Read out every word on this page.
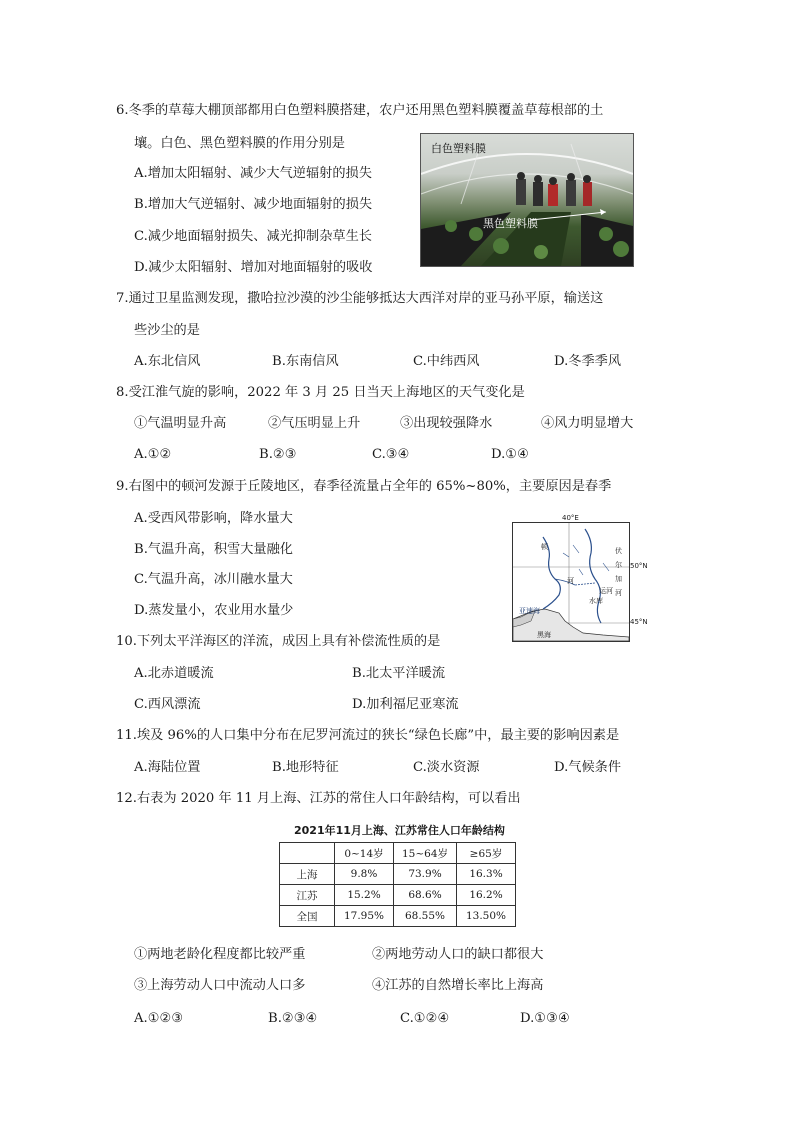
6.冬季的草莓大棚顶部都用白色塑料膜搭建，农户还用黑色塑料膜覆盖草莓根部的土
壤。白色、黑色塑料膜的作用分别是
A.增加太阳辐射、减少大气逆辐射的损失
B.增加大气逆辐射、减少地面辐射的损失
C.减少地面辐射损失、减光抑制杂草生长
D.减少太阳辐射、增加对地面辐射的吸收
白色塑料膜
黑色塑料膜
7.通过卫星监测发现，撒哈拉沙漠的沙尘能够抵达大西洋对岸的亚马孙平原，输送这
些沙尘的是
A.东北信风	B.东南信风	C.中纬西风	D.冬季季风
8.受江淮气旋的影响，2022 年 3 月 25 日当天上海地区的天气变化是
①气温明显升高	②气压明显上升	③出现较强降水	④风力明显增大
A.①②	B.②③	C.③④	D.①④
9.右图中的顿河发源于丘陵地区，春季径流量占全年的 65%~80%，主要原因是春季
A.受西风带影响，降水量大
B.气温升高，积雪大量融化
C.气温升高，冰川融水量大
D.蒸发量小，农业用水量少
40°E
顿
河
伏
尔
加
河
运河
水库
亚速海
黑海
50°N
45°N
10.下列太平洋海区的洋流，成因上具有补偿流性质的是
A.北赤道暖流	B.北太平洋暖流
C.西风漂流	D.加利福尼亚寒流
11.埃及 96%的人口集中分布在尼罗河流过的狭长“绿色长廊”中，最主要的影响因素是
A.海陆位置	B.地形特征	C.淡水资源	D.气候条件
12.右表为 2020 年 11 月上海、江苏的常住人口年龄结构，可以看出
2021年11月上海、江苏常住人口年龄结构
	0~14岁	15~64岁	≥65岁
上海	9.8%	73.9%	16.3%
江苏	15.2%	68.6%	16.2%
全国	17.95%	68.55%	13.50%
①两地老龄化程度都比较严重	②两地劳动人口的缺口都很大
③上海劳动人口中流动人口多	④江苏的自然增长率比上海高
A.①②③	B.②③④	C.①②④	D.①③④
